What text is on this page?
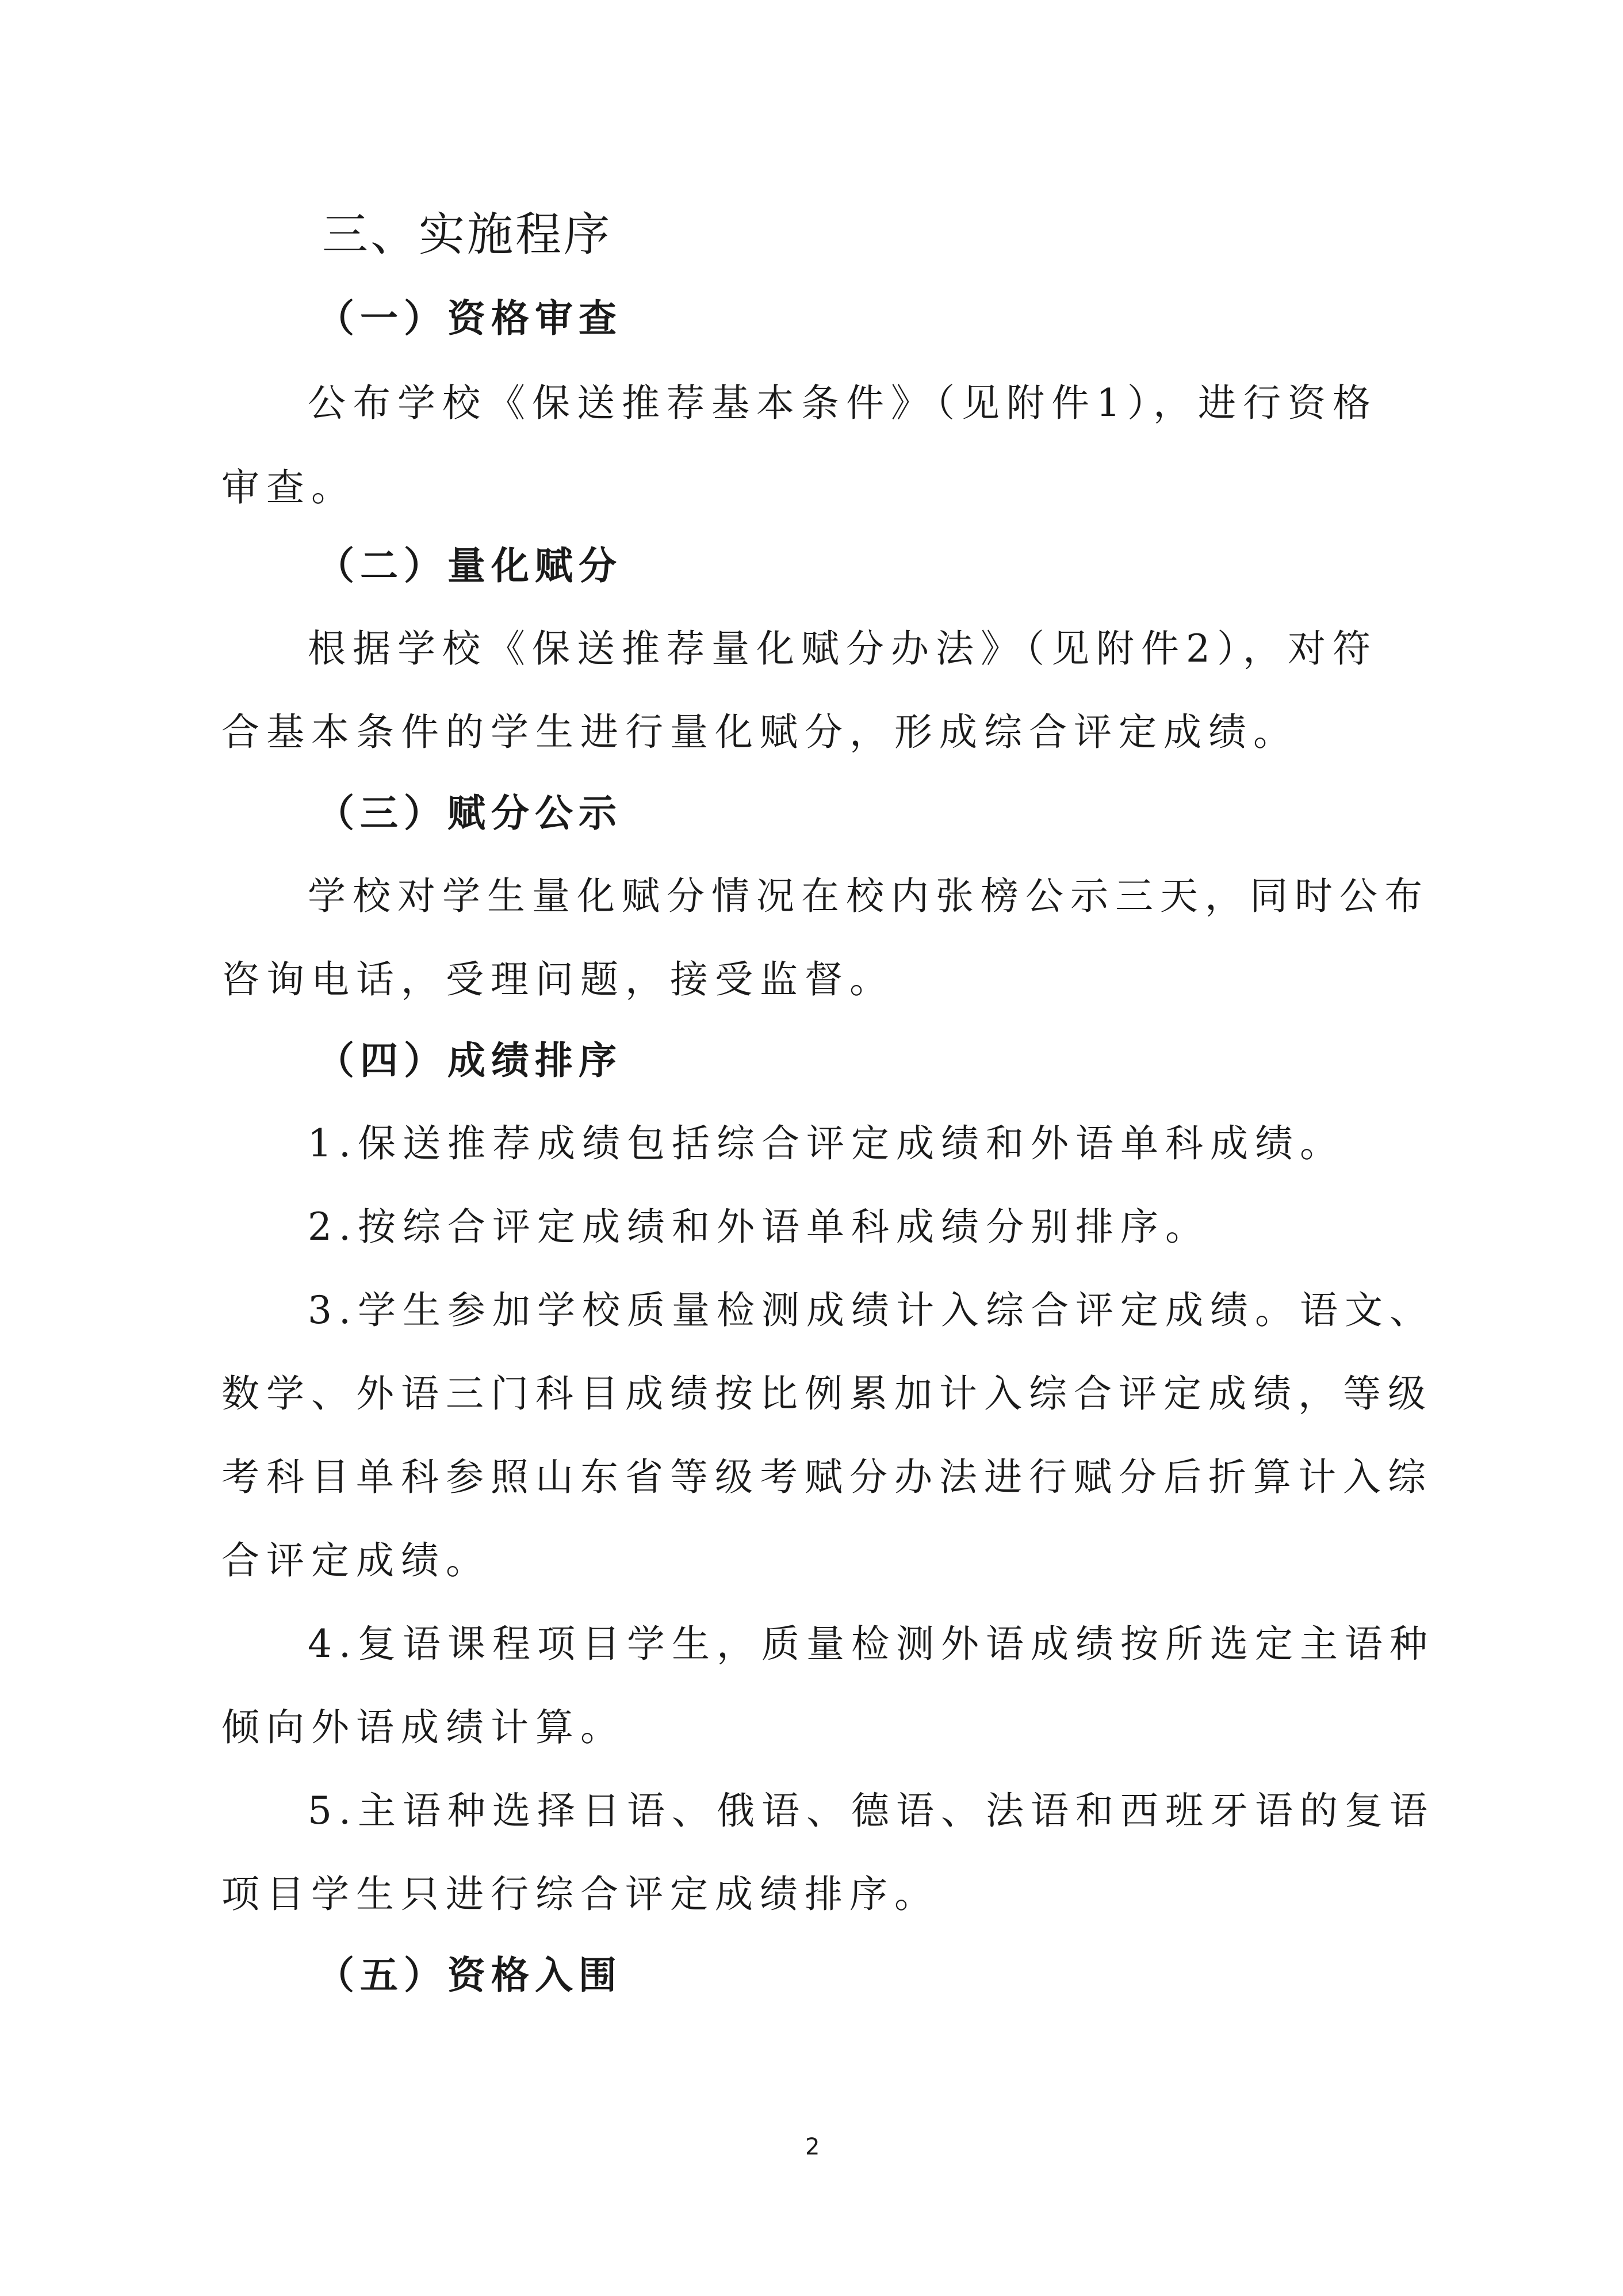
三、实施程序
（一）资格审查
公布学校《保送推荐基本条件》（见附件1），进行资格
审查。
（二）量化赋分
根据学校《保送推荐量化赋分办法》（见附件2），对符
合基本条件的学生进行量化赋分，形成综合评定成绩。
（三）赋分公示
学校对学生量化赋分情况在校内张榜公示三天，同时公布
咨询电话，受理问题，接受监督。
（四）成绩排序
1.保送推荐成绩包括综合评定成绩和外语单科成绩。
2.按综合评定成绩和外语单科成绩分别排序。
3.学生参加学校质量检测成绩计入综合评定成绩。语文、
数学、外语三门科目成绩按比例累加计入综合评定成绩，等级
考科目单科参照山东省等级考赋分办法进行赋分后折算计入综
合评定成绩。
4.复语课程项目学生，质量检测外语成绩按所选定主语种
倾向外语成绩计算。
5.主语种选择日语、俄语、德语、法语和西班牙语的复语
项目学生只进行综合评定成绩排序。
（五）资格入围
2
